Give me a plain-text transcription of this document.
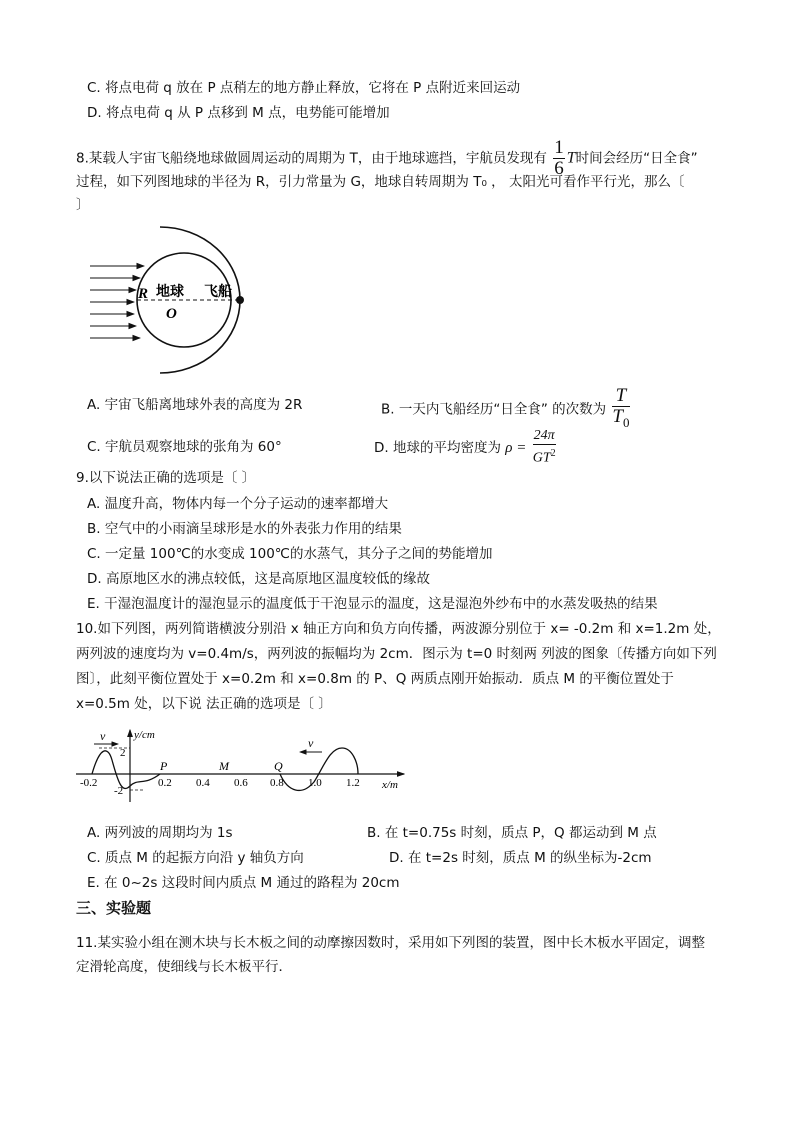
C. 将点电荷 q 放在 P 点稍左的地方静止释放，它将在 P 点附近来回运动
D. 将点电荷 q 从 P 点移到 M 点，电势能可能增加
8.某载人宇宙飞船绕地球做圆周运动的周期为 T，由于地球遮挡，宇航员发现有 $\frac{1}{6}$ T时间会经历“日全食”
过程，如下列图地球的半径为 R，引力常量为 G，地球自转周期为 T₀ ， 太阳光可看作平行光，那么〔
〕
R 地球
O
飞船
A. 宇宙飞船离地球外表的高度为 2R	B. 一天内飞船经历“日全食” 的次数为 $\frac{T}{T_0}$
C. 宇航员观察地球的张角为 60°	D. 地球的平均密度为 $\rho = \frac{24\pi}{GT^2}$
9.以下说法正确的选项是〔 〕
A. 温度升高，物体内每一个分子运动的速率都增大
B. 空气中的小雨滴呈球形是水的外表张力作用的结果
C. 一定量 100℃的水变成 100℃的水蒸气，其分子之间的势能增加
D. 高原地区水的沸点较低，这是高原地区温度较低的缘故
E. 干湿泡温度计的湿泡显示的温度低于干泡显示的温度，这是湿泡外纱布中的水蒸发吸热的结果
10.如下列图，两列简谐横波分别沿 x 轴正方向和负方向传播，两波源分别位于 x= -0.2m 和 x=1.2m 处，
两列波的速度均为 v=0.4m/s，两列波的振幅均为 2cm．图示为 t=0 时刻两 列波的图象〔传播方向如下列
图〕，此刻平衡位置处于 x=0.2m 和 x=0.8m 的 P、Q 两质点刚开始振动．质点 M 的平衡位置处于
x=0.5m 处，以下说 法正确的选项是〔 〕
v	v
y/cm
x/m
2
-2
-0.2	0.2 0.4 0.6 0.8 1.0 1.2
P	M	Q
A. 两列波的周期均为 1s	B. 在 t=0.75s 时刻，质点 P，Q 都运动到 M 点
C. 质点 M 的起振方向沿 y 轴负方向	D. 在 t=2s 时刻，质点 M 的纵坐标为-2cm
E. 在 0~2s 这段时间内质点 M 通过的路程为 20cm
三、实验题
11.某实验小组在测木块与长木板之间的动摩擦因数时，采用如下列图的装置，图中长木板水平固定，调整
定滑轮高度，使细线与长木板平行．
